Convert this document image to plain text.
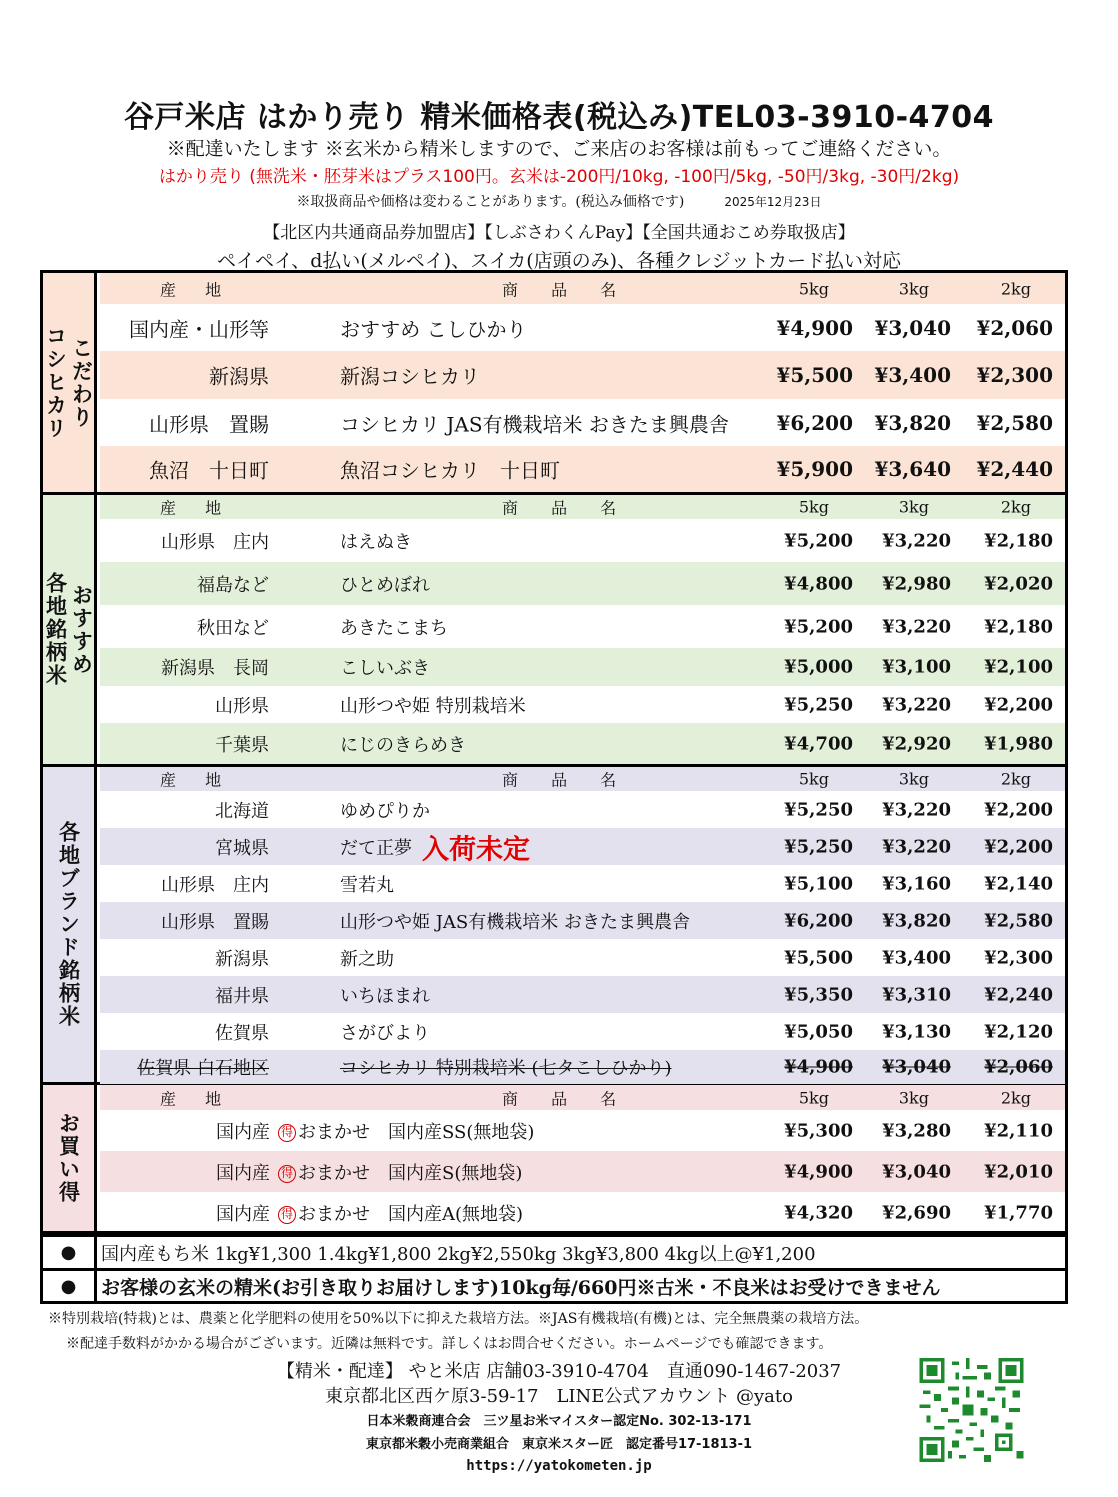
谷戸米店 はかり売り 精米価格表(税込み)TEL03-3910-4704
※配達いたします ※玄米から精米しますので、ご来店のお客様は前もってご連絡ください。
はかり売り (無洗米・胚芽米はプラス100円。玄米は-200円/10kg, -100円/5kg, -50円/3kg, -30円/2kg)
※取扱商品や価格は変わることがあります。(税込み価格です)	2025年12月23日
【北区内共通商品券加盟店】【しぶさわくんPay】【全国共通おこめ券取扱店】
ペイペイ、d払い(メルペイ)、スイカ(店頭のみ)、各種クレジットカード払い対応
こだわり
コシヒカリ
産 地	商 品 名	5kg	3kg	2kg
国内産・山形等	おすすめ こしひかり	¥4,900 ¥3,040 ¥2,060
新潟県	新潟コシヒカリ	¥5,500 ¥3,400 ¥2,300
山形県　置賜	コシヒカリ JAS有機栽培米 おきたま興農舎 ¥6,200 ¥3,820 ¥2,580
魚沼　十日町	魚沼コシヒカリ　十日町	¥5,900 ¥3,640 ¥2,440
おすすめ
各地銘柄米
産 地	商 品 名	5kg	3kg	2kg
山形県　庄内	はえぬき	¥5,200 ¥3,220 ¥2,180
福島など	ひとめぼれ	¥4,800 ¥2,980 ¥2,020
秋田など	あきたこまち	¥5,200 ¥3,220 ¥2,180
新潟県　長岡	こしいぶき	¥5,000 ¥3,100 ¥2,100
山形県	山形つや姫 特別栽培米	¥5,250 ¥3,220 ¥2,200
千葉県	にじのきらめき	¥4,700 ¥2,920 ¥1,980
各地ブランド銘柄米
産 地	商 品 名	5kg	3kg	2kg
北海道	ゆめぴりか	¥5,250 ¥3,220 ¥2,200
宮城県	だて正夢 入荷未定	¥5,250 ¥3,220 ¥2,200
山形県　庄内	雪若丸	¥5,100 ¥3,160 ¥2,140
山形県　置賜	山形つや姫 JAS有機栽培米 おきたま興農舎	¥6,200 ¥3,820 ¥2,580
新潟県	新之助	¥5,500 ¥3,400 ¥2,300
福井県	いちほまれ	¥5,350 ¥3,310 ¥2,240
佐賀県	さがびより	¥5,050 ¥3,130 ¥2,120
佐賀県 白石地区	コシヒカリ 特別栽培米 (七タこしひかり)	¥4,900 ¥3,040 ¥2,060
お買い得
産 地	商 品 名	5kg	3kg	2kg
国内産 得 おまかせ　国内産SS(無地袋)	¥5,300 ¥3,280 ¥2,110
国内産 得 おまかせ　国内産S(無地袋)	¥4,900 ¥3,040 ¥2,010
国内産 得 おまかせ　国内産A(無地袋)	¥4,320 ¥2,690 ¥1,770
●	国内産もち米 1kg¥1,300 1.4kg¥1,800 2kg¥2,550kg 3kg¥3,800 4kg以上@¥1,200
●	お客様の玄米の精米(お引き取りお届けします)10kg毎/660円※古米・不良米はお受けできません
※特別栽培(特栽)とは、農薬と化学肥料の使用を50%以下に抑えた栽培方法。※JAS有機栽培(有機)とは、完全無農薬の栽培方法。
※配達手数料がかかる場合がございます。近隣は無料です。詳しくはお問合せください。ホームページでも確認できます。
【精米・配達】 やと米店 店舗03-3910-4704　直通090-1467-2037
東京都北区西ケ原3-59-17　LINE公式アカウント @yato
日本米穀商連合会　三ツ星お米マイスター認定No. 302-13-171
東京都米穀小売商業組合　東京米スター匠　認定番号17-1813-1
https://yatokometen.jp
